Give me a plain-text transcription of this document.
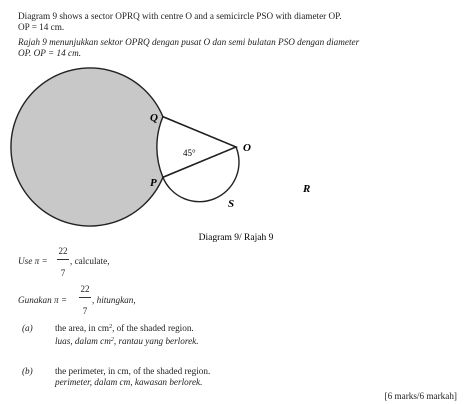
Diagram 9 shows a sector OPRQ with centre O and a semicircle PSO with diameter OP.
OP = 14 cm.
Rajah 9 menunjukkan sektor OPRQ dengan pusat O dan semi bulatan PSO dengan diameter
OP. OP = 14 cm.
Q
O
P
S
R
45°
Diagram 9/ Rajah 9
Use π =
22
7
, calculate,
Gunakan π =
22
7
, hitungkan,
(a) the area, in $cm^2$, of the shaded region.
luas, dalam $cm^2$, rantau yang berlorek.
(b) the perimeter, in cm, of the shaded region.
perimeter, dalam cm, kawasan berlorek.
[6 marks/6 markah]
